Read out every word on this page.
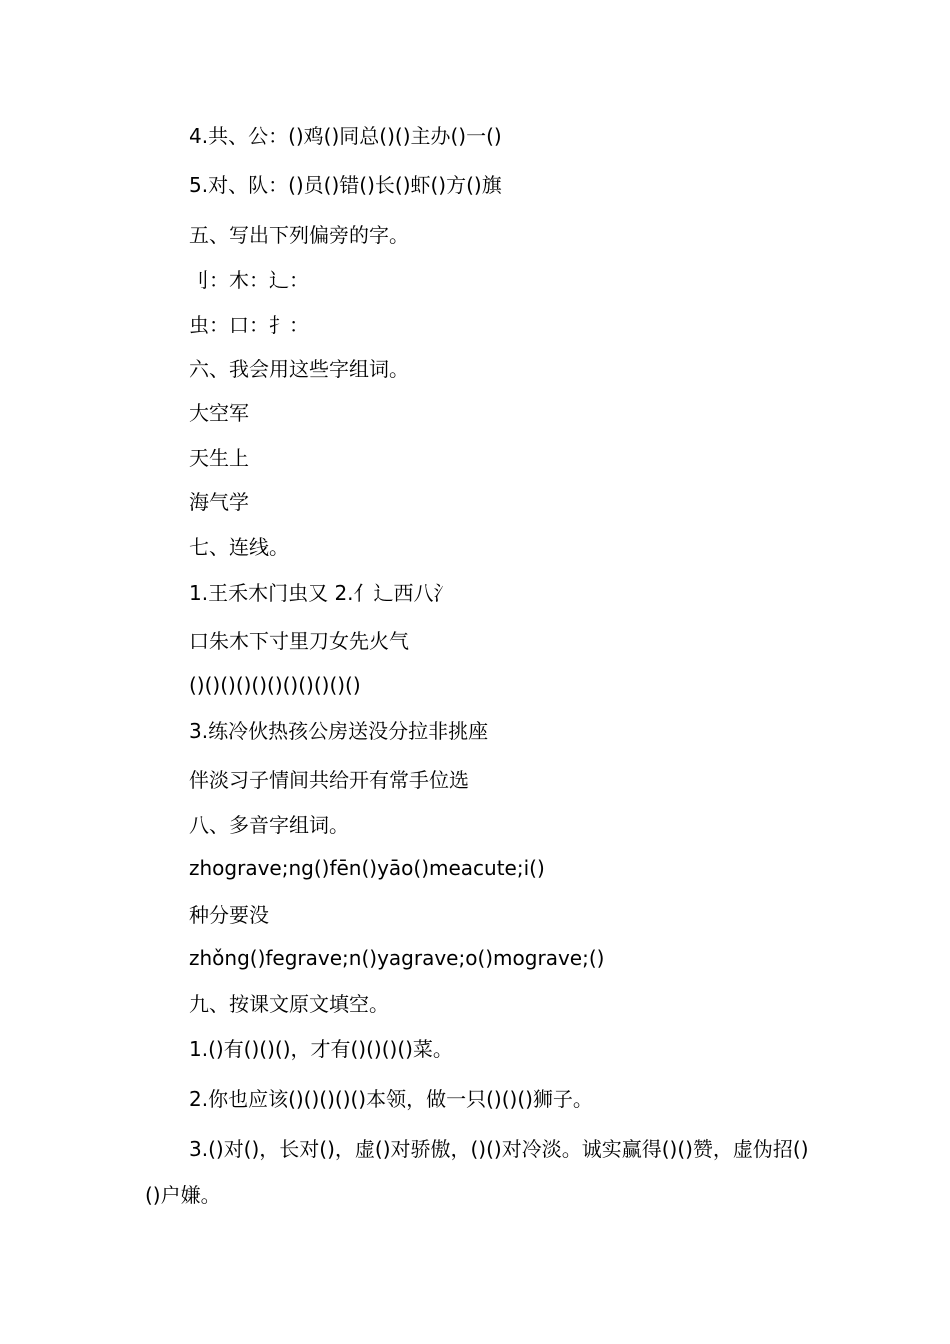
4.共、公：()鸡()同总()()主办()一()
5.对、队：()员()错()长()虾()方()旗
五、写出下列偏旁的字。
刂：木：辶：
虫：口：扌：
六、我会用这些字组词。
大空军
天生上
海气学
七、连线。
1.王禾木门虫又 2.亻辶西八氵
口朱木下寸里刀女先火气
()()()()()()()()()()()
3.练冷伙热孩公房送没分拉非挑座
伴淡习子情间共给开有常手位选
八、多音字组词。
zhograve;ng()fēn()yāo()meacute;i()
种分要没
zhǒng()fegrave;n()yagrave;o()mograve;()
九、按课文原文填空。
1.()有()()()，才有()()()()菜。
2.你也应该()()()()()本领，做一只()()()狮子。
3.()对()，长对()，虚()对骄傲，()()对冷淡。诚实赢得()()赞，虚伪招()
()户嫌。
